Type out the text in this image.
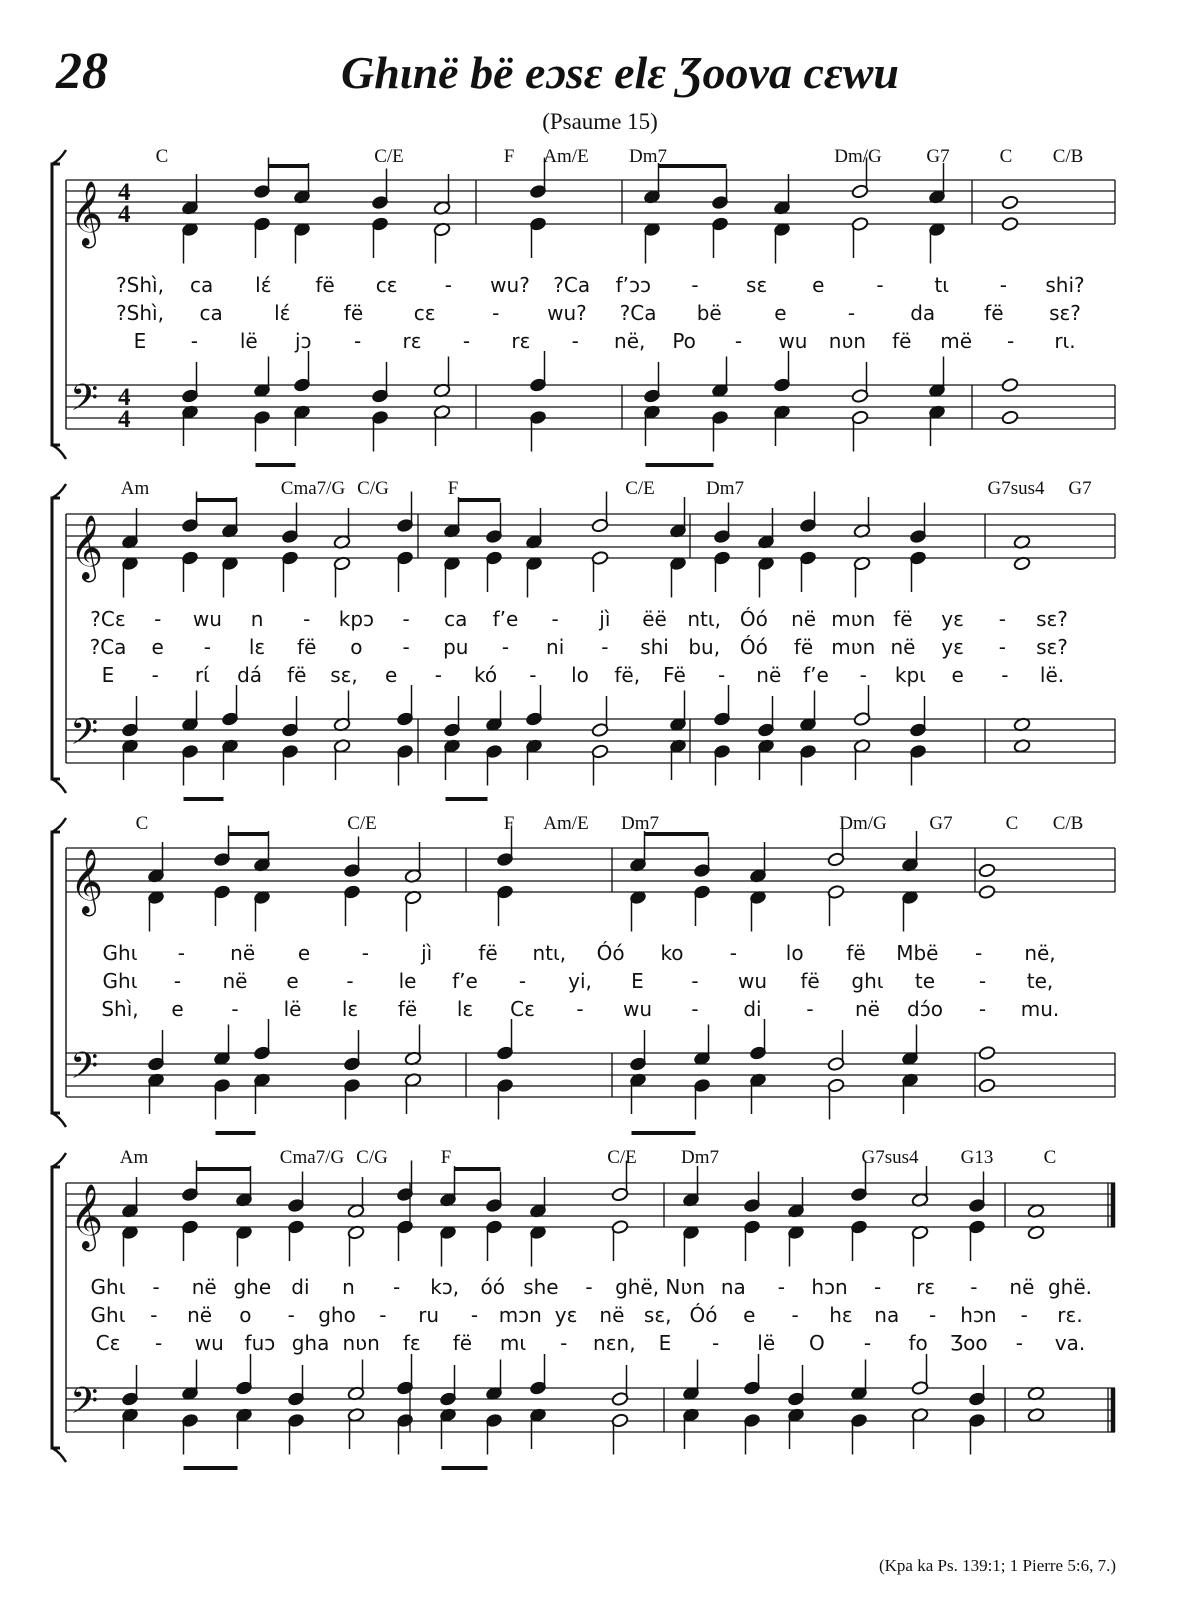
28	Ghɩnë bë eɔsɛ elɛ Ʒoova cɛwu
(Psaume 15)
𝄞
𝄢
4
4
4
4
C	C/E	F Am/E Dm7	Dm/G G7	C C/B
?Shì, ca lɛ́ fë cɛ - wu? ?Ca f’ɔɔ - sɛ e	-	tɩ	- shi?
?Shì, ca	lɛ́	fë	cɛ	- wu? ?Ca bë	e	-	da fë sɛ?
E - lë jɔ - rɛ - rɛ - në, Po - wu nʋn fë më - rɩ.
𝄞
𝄢
Am	Cma7/G C/G	F	C/E	Dm7	G7sus4 G7
?Cɛ - wu n - kpɔ - ca f’e - jì ëë ntɩ, Óó në mʋn fë yɛ - sɛ?
?Ca e - lɛ fë o - pu - ni - shi bu, Óó fë mʋn në yɛ - sɛ?
E - rɩ́ dá fë sɛ, e - kó - lo fë, Fë - në f’e - kpɩ e - lë.
𝄞
𝄢
C	C/E	F Am/E Dm7	Dm/G G7	C C/B
Ghɩ - në e	-	jì fë ntɩ, Óó ko - lo fë Mbë - në,
Ghɩ - në e - le f’e - yi, E - wu fë ghɩ te - te,
Shì, e - lë lɛ fë lɛ Cɛ - wu - di - në dɔ́o - mu.
𝄞
𝄢
Am	Cma7/G C/G	F	C/E Dm7	G7sus4 G13	C
Ghɩ - në ghe di n - kɔ, óó she - ghë, Nʋn na - hɔn - rɛ - në ghë.
Ghɩ - në o - gho - ru - mɔn yɛ në sɛ, Óó e - hɛ na - hɔn - rɛ.
Cɛ - wu fuɔ gha nʋn fɛ fë mɩ - nɛn, E - lë O - fo Ʒoo - va.
(Kpa ka Ps. 139:1; 1 Pierre 5:6, 7.)
